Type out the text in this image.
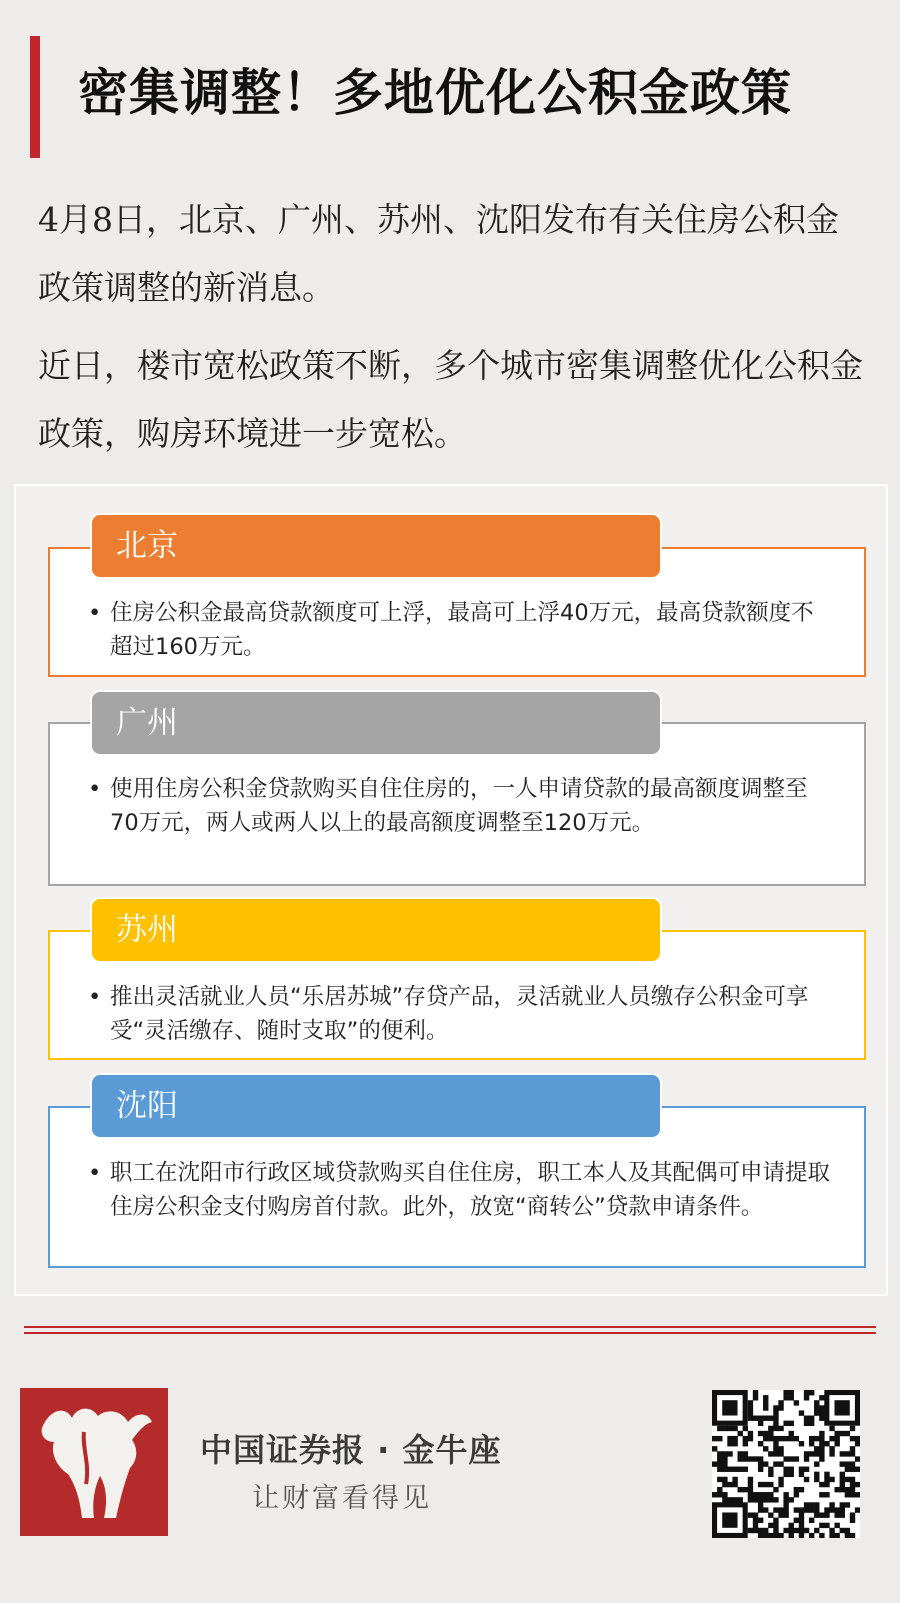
密集调整！多地优化公积金政策

4月8日，北京、广州、苏州、沈阳发布有关住房公积金政策调整的新消息。

近日，楼市宽松政策不断，多个城市密集调整优化公积金政策，购房环境进一步宽松。

北京
• 住房公积金最高贷款额度可上浮，最高可上浮40万元，最高贷款额度不超过160万元。
广州
• 使用住房公积金贷款购买自住住房的，一人申请贷款的最高额度调整至70万元，两人或两人以上的最高额度调整至120万元。
苏州
• 推出灵活就业人员“乐居苏城”存贷产品，灵活就业人员缴存公积金可享受“灵活缴存、随时支取”的便利。
沈阳
• 职工在沈阳市行政区域贷款购买自住住房，职工本人及其配偶可申请提取住房公积金支付购房首付款。此外，放宽“商转公”贷款申请条件。
中国证券报 · 金牛座
让财富看得见
